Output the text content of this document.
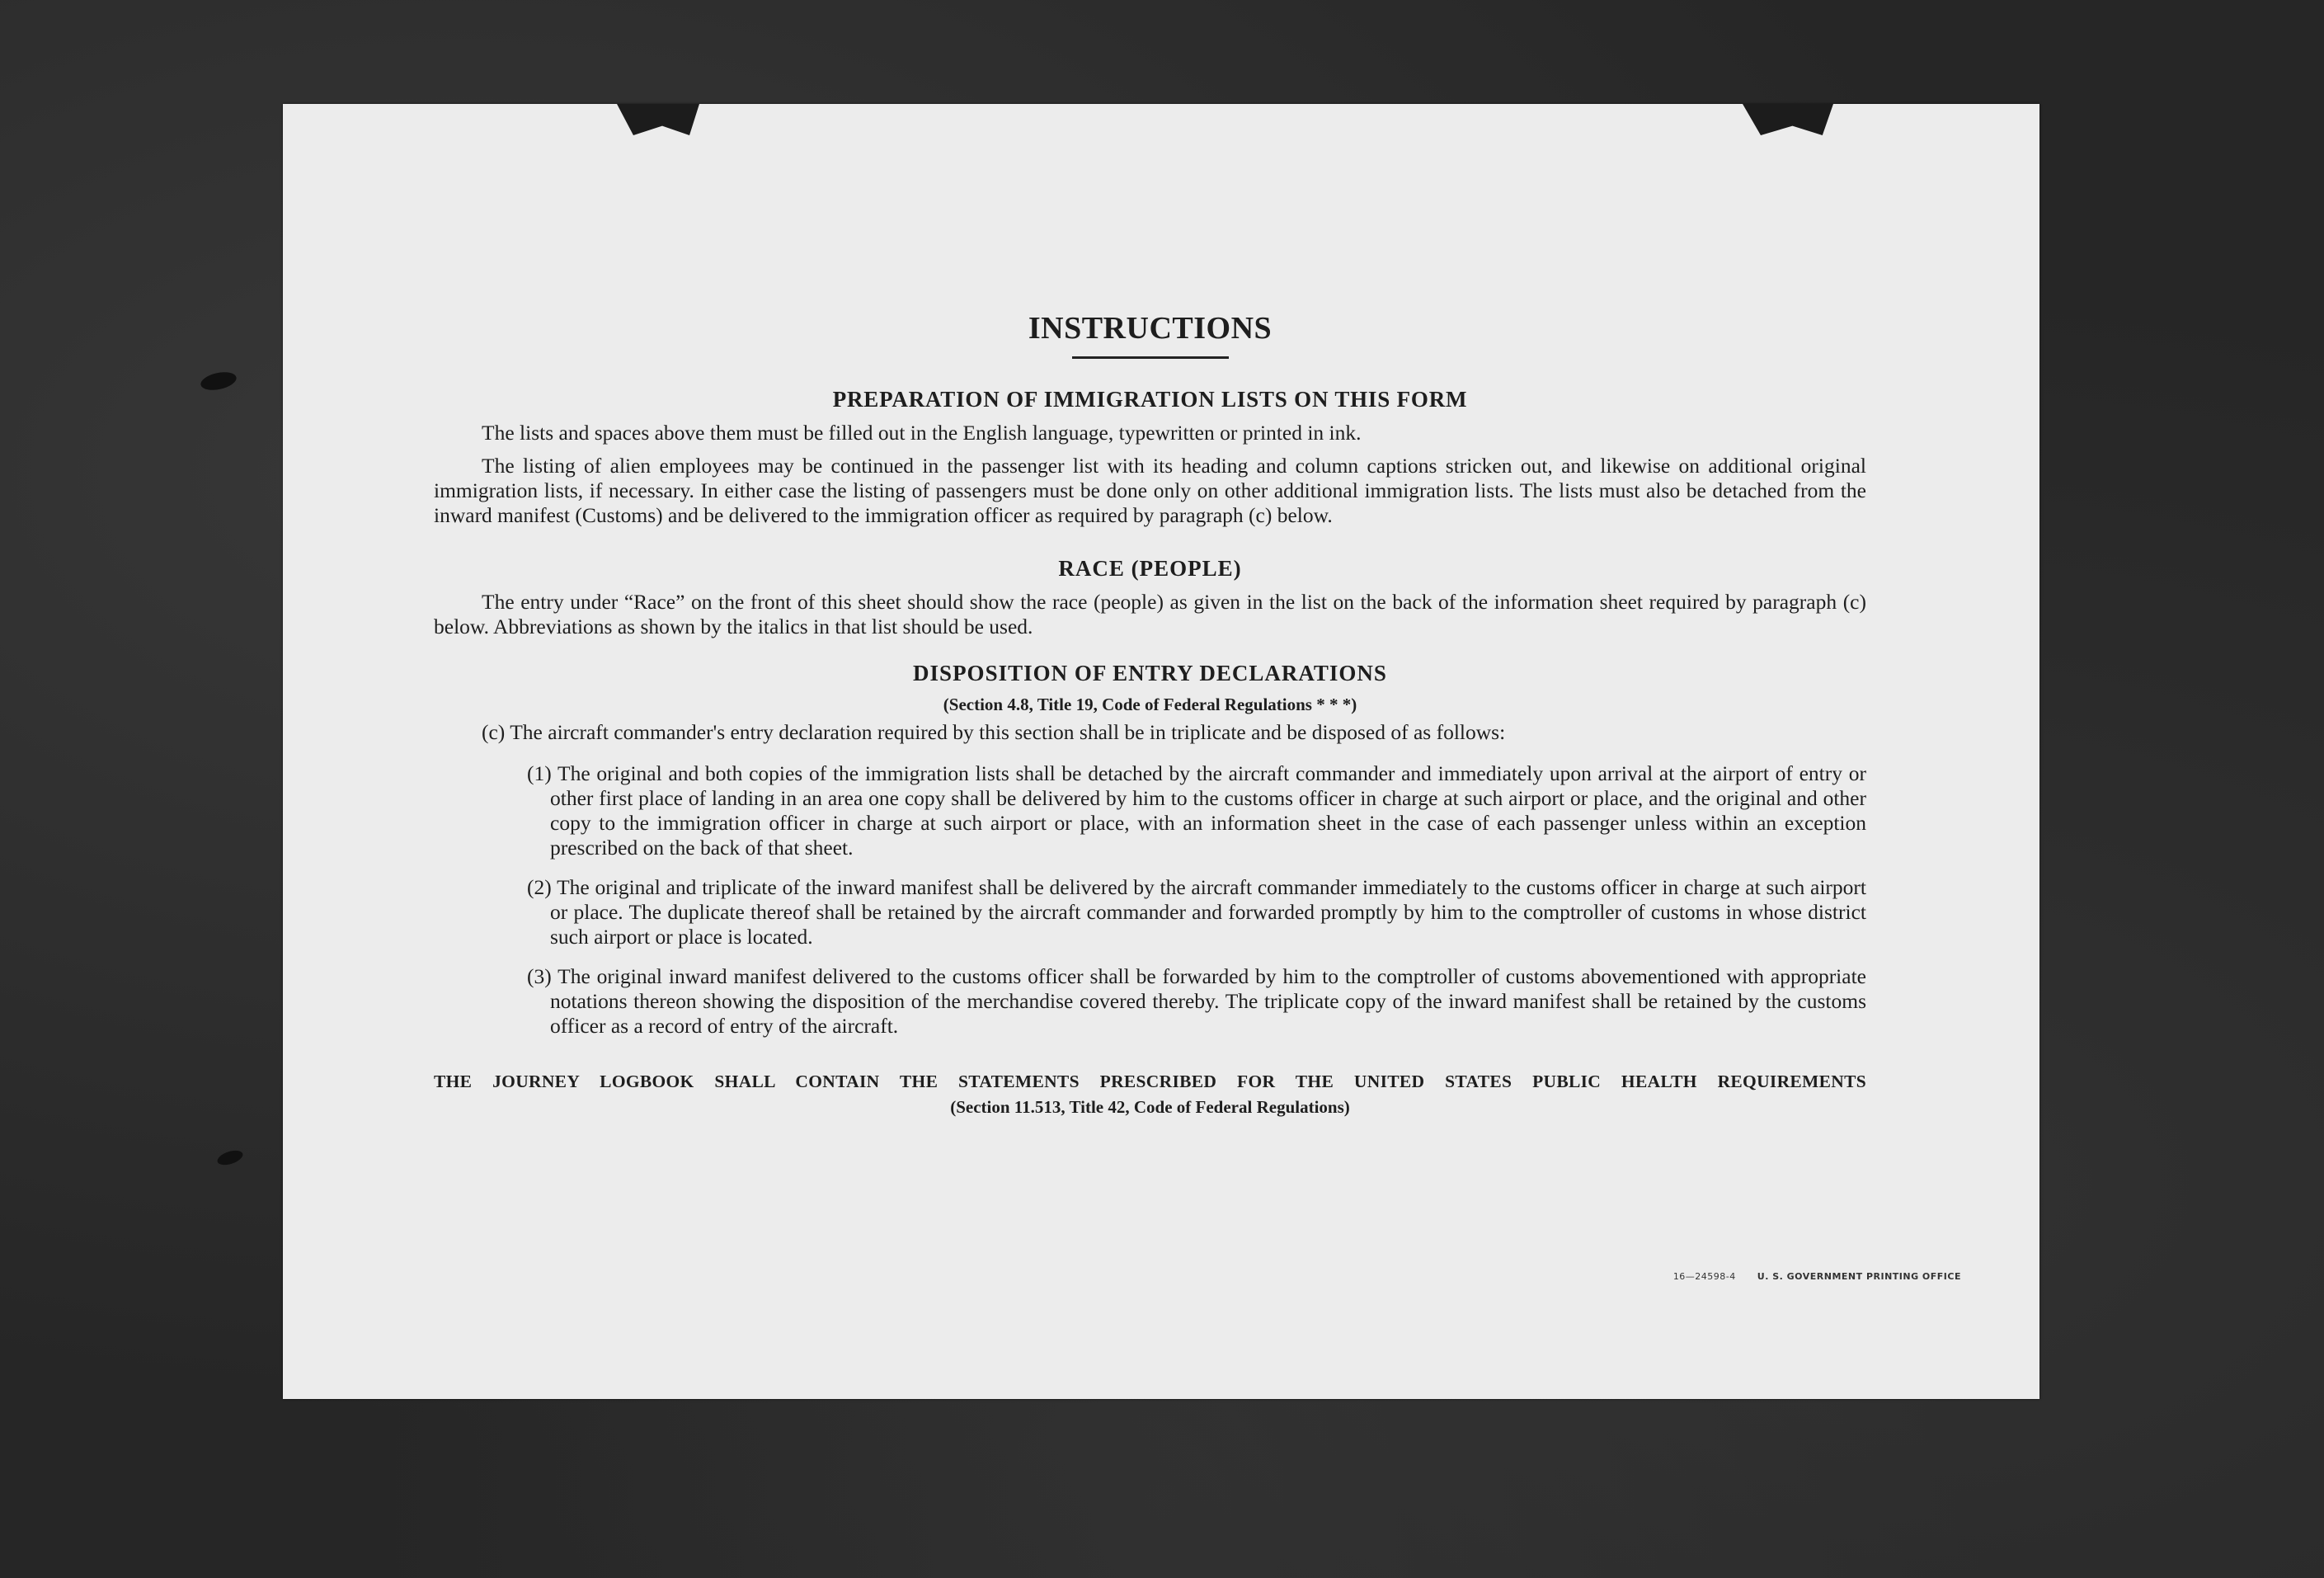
INSTRUCTIONS
PREPARATION OF IMMIGRATION LISTS ON THIS FORM

The lists and spaces above them must be filled out in the English language, typewritten or printed in ink.

The listing of alien employees may be continued in the passenger list with its heading and column captions stricken out, and likewise on additional original immigration lists, if necessary. In either case the listing of passengers must be done only on other additional immigration lists. The lists must also be detached from the inward manifest (Customs) and be delivered to the immigration officer as required by paragraph (c) below.

RACE (PEOPLE)

The entry under “Race” on the front of this sheet should show the race (people) as given in the list on the back of the information sheet required by paragraph (c) below. Abbreviations as shown by the italics in that list should be used.

DISPOSITION OF ENTRY DECLARATIONS
(Section 4.8, Title 19, Code of Federal Regulations * * *)

(c) The aircraft commander's entry declaration required by this section shall be in triplicate and be disposed of as follows:

(1) The original and both copies of the immigration lists shall be detached by the aircraft commander and immediately upon arrival at the airport of entry or other first place of landing in an area one copy shall be delivered by him to the customs officer in charge at such airport or place, and the original and other copy to the immigration officer in charge at such airport or place, with an information sheet in the case of each passenger unless within an exception prescribed on the back of that sheet.
(2) The original and triplicate of the inward manifest shall be delivered by the aircraft commander immediately to the customs officer in charge at such airport or place. The duplicate thereof shall be retained by the aircraft commander and forwarded promptly by him to the comptroller of customs in whose district such airport or place is located.
(3) The original inward manifest delivered to the customs officer shall be forwarded by him to the comptroller of customs abovementioned with appropriate notations thereon showing the disposition of the merchandise covered thereby. The triplicate copy of the inward manifest shall be retained by the customs officer as a record of entry of the aircraft.
THE JOURNEY LOGBOOK SHALL CONTAIN THE STATEMENTS PRESCRIBED FOR THE UNITED STATES PUBLIC HEALTH REQUIREMENTS
(Section 11.513, Title 42, Code of Federal Regulations)
16—24598-4 U. S. GOVERNMENT PRINTING OFFICE
